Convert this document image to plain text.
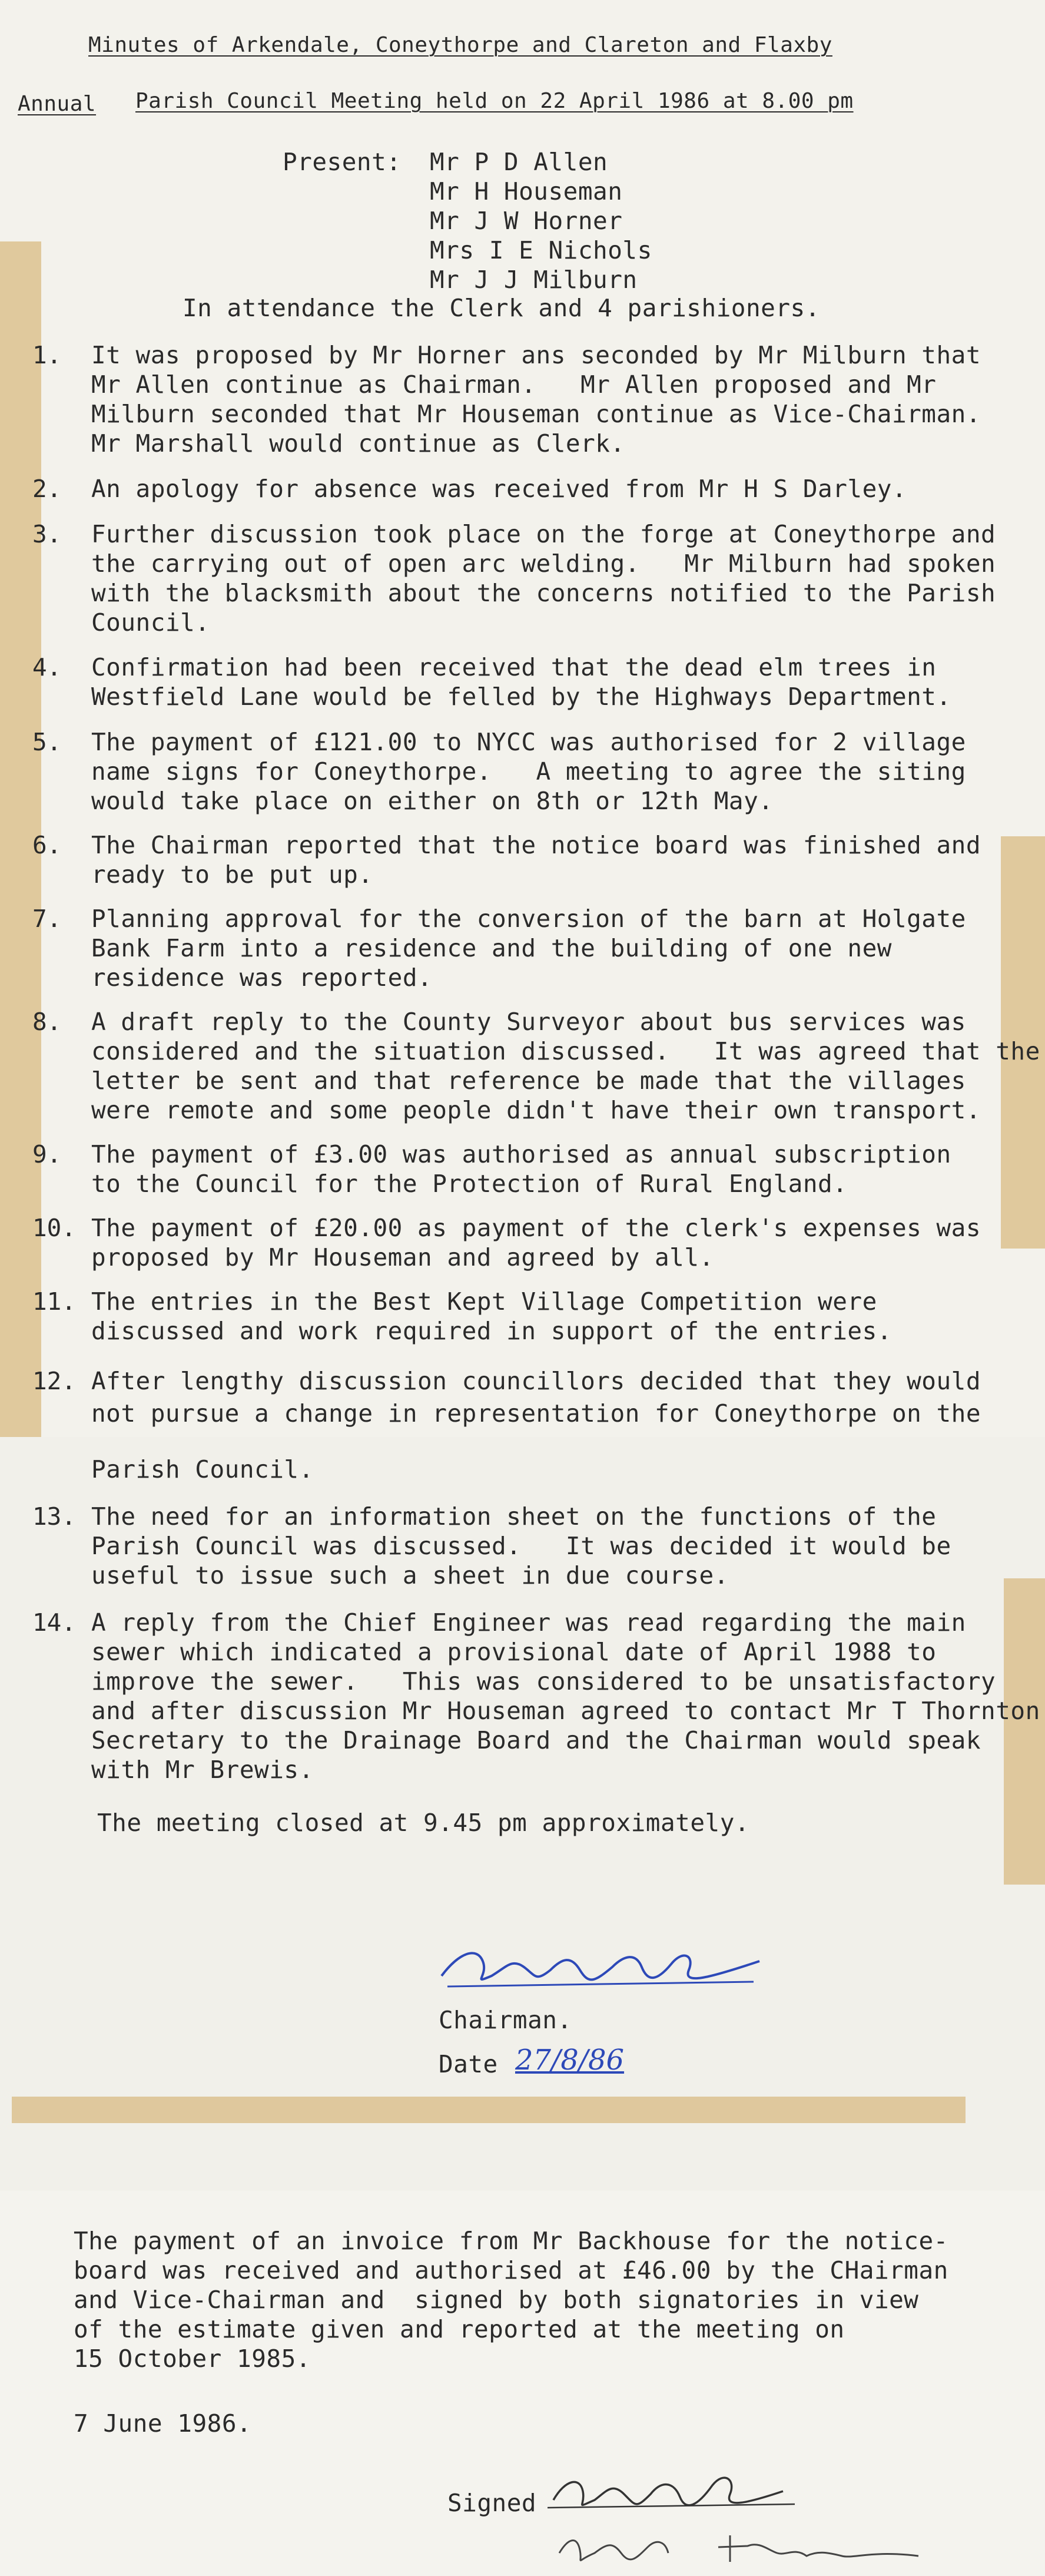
Minutes of Arkendale, Coneythorpe and Clareton and Flaxby
Annual Parish Council Meeting held on 22 April 1986 at 8.00 pm
Present: Mr P D Allen
Mr H Houseman
Mr J W Horner
Mrs I E Nichols
Mr J J Milburn
In attendance the Clerk and 4 parishioners.
1. It was proposed by Mr Horner ans seconded by Mr Milburn that
Mr Allen continue as Chairman.   Mr Allen proposed and Mr
Milburn seconded that Mr Houseman continue as Vice-Chairman.
Mr Marshall would continue as Clerk.
2. An apology for absence was received from Mr H S Darley.
3. Further discussion took place on the forge at Coneythorpe and
the carrying out of open arc welding.   Mr Milburn had spoken
with the blacksmith about the concerns notified to the Parish
Council.
4. Confirmation had been received that the dead elm trees in
Westfield Lane would be felled by the Highways Department.
5. The payment of £121.00 to NYCC was authorised for 2 village
name signs for Coneythorpe.   A meeting to agree the siting
would take place on either on 8th or 12th May.
6. The Chairman reported that the notice board was finished and
ready to be put up.
7. Planning approval for the conversion of the barn at Holgate
Bank Farm into a residence and the building of one new
residence was reported.
8. A draft reply to the County Surveyor about bus services was
considered and the situation discussed.   It was agreed that the
letter be sent and that reference be made that the villages
were remote and some people didn't have their own transport.
9. The payment of £3.00 was authorised as annual subscription
to the Council for the Protection of Rural England.
10. The payment of £20.00 as payment of the clerk's expenses was
proposed by Mr Houseman and agreed by all.
11. The entries in the Best Kept Village Competition were
discussed and work required in support of the entries.
12. After lengthy discussion councillors decided that they would
not pursue a change in representation for Coneythorpe on the
Parish Council.
13. The need for an information sheet on the functions of the
Parish Council was discussed.   It was decided it would be
useful to issue such a sheet in due course.
14. A reply from the Chief Engineer was read regarding the main
sewer which indicated a provisional date of April 1988 to
improve the sewer.   This was considered to be unsatisfactory
and after discussion Mr Houseman agreed to contact Mr T Thornton
Secretary to the Drainage Board and the Chairman would speak
with Mr Brewis.
The meeting closed at 9.45 pm approximately.
Chairman.
Date 27/8/86
The payment of an invoice from Mr Backhouse for the notice-
board was received and authorised at £46.00 by the CHairman
and Vice-Chairman and  signed by both signatories in view
of the estimate given and reported at the meeting on
15 October 1985.
7 June 1986.
Signed
